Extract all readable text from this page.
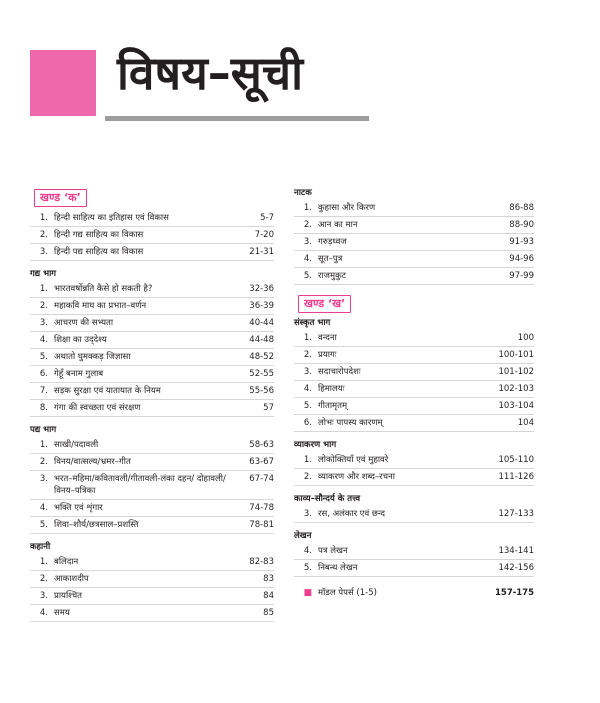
विषय–सूची
खण्ड ‘क’
1. हिन्दी साहित्य का इतिहास एवं विकास	5-7
2. हिन्दी गद्य साहित्य का विकास	7-20
3. हिन्दी पद्य साहित्य का विकास	21-31
गद्य भाग
1. भारतवर्षोन्नति कैसे हो सकती है?	32-36
2. महाकवि माघ का प्रभात–वर्णन	36-39
3. आचरण की सभ्यता	40-44
4. शिक्षा का उद्‌देश्य	44-48
5. अथातो घुमक्कड़ जिज्ञासा	48-52
6. गेहूँ बनाम गुलाब	52-55
7. सड़क सुरक्षा एवं यातायात के नियम	55-56
8. गंगा की स्वच्छता एवं संरक्षण	57
पद्य भाग
1. साखी/पदावली	58-63
2. विनय/वात्सल्य/भ्रमर–गीत	63-67
3. भरत–महिमा/कवितावली/गीतावली-लंका दहन/ दोहावली/विनय–पत्रिका
67-74
4. भक्ति एवं शृंगार	74-78
5. शिवा–शौर्य/छत्रसाल–प्रशस्ति	78-81
कहानी
1. बलिदान	82-83
2. आकाशदीप	83
3. प्रायश्चित	84
4. समय	85
नाटक
1. कुहासा और किरण	86-88
2. आन का मान	88-90
3. गरुड़ध्वज	91-93
4. सूत–पुत्र	94-96
5. राजमुकुट	97-99
खण्ड ‘ख’
संस्कृत भाग
1. वन्दना	100
2. प्रयागः	100-101
3. सदाचारोपदेशः	101-102
4. हिमालयः	102-103
5. गीतामृतम्	103-104
6. लोभः पापस्य कारणम्	104
व्याकरण भाग
1. लोकोक्तियाँ एवं मुहावरे	105-110
2. व्याकरण और शब्द–रचना	111-126
काव्य–सौन्दर्य के तत्त्व
3. रस, अलंकार एवं छन्द	127-133
लेखन
4. पत्र लेखन	134-141
5. निबन्ध लेखन	142-156
■ मॉडल पेपर्स (1-5)	157-175
